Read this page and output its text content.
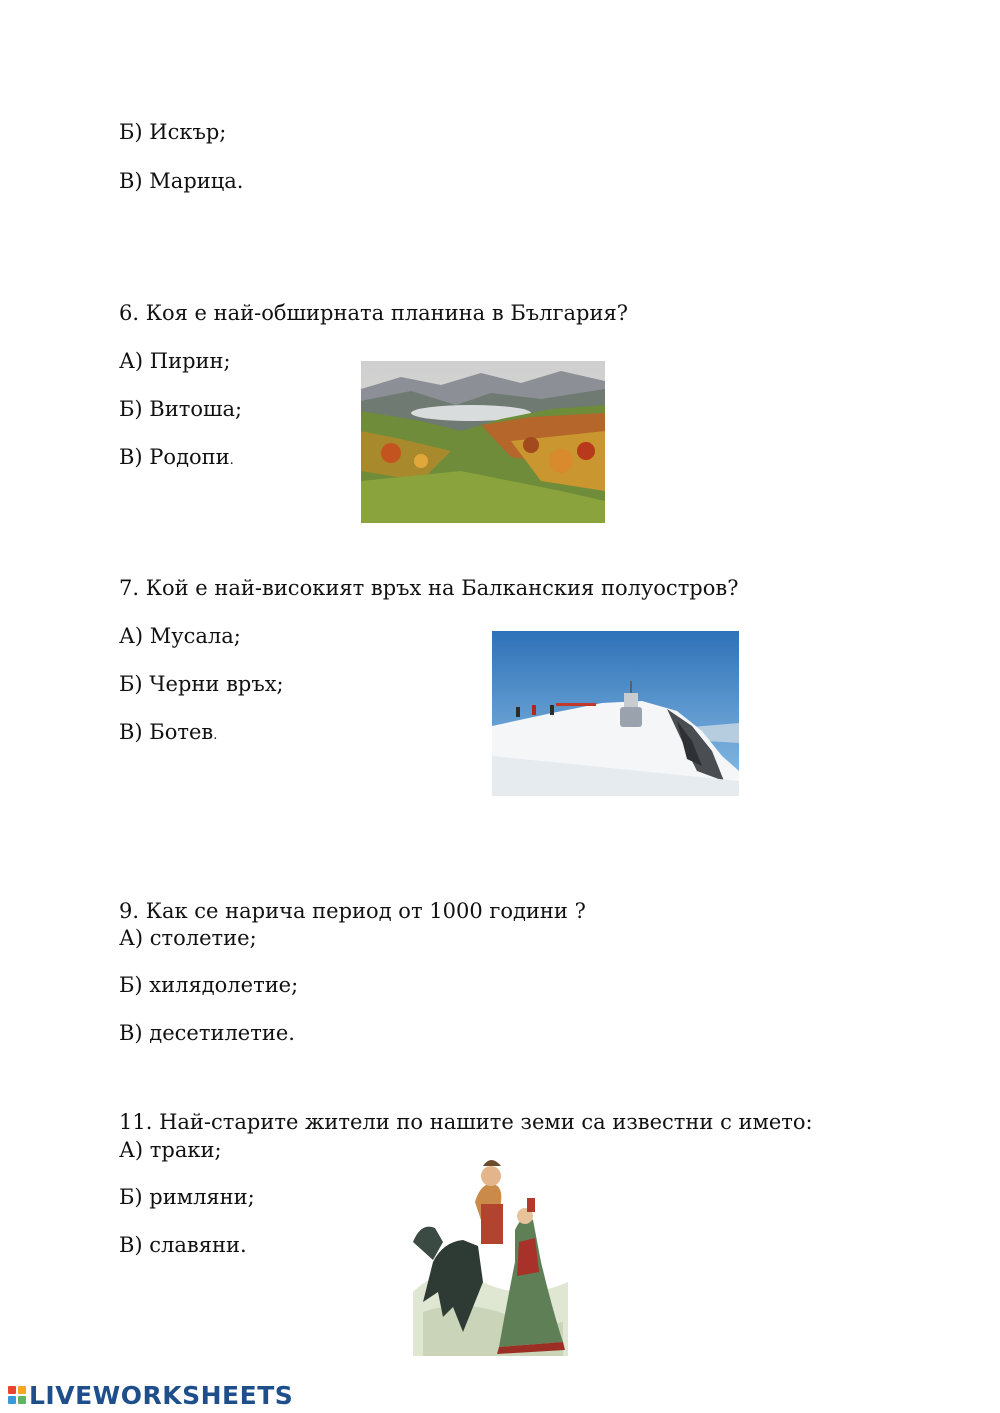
Б) Искър;
В) Марица.
6. Коя е най-обширната планина в България?
А) Пирин;
Б) Витоша;
В) Родопи.
7. Кой е най-високият връх на Балканския полуостров?
А) Мусала;
Б) Черни връх;
В) Ботев.
9. Как се нарича период от 1000 години ?
А) столетие;
Б) хилядолетие;
В) десетилетие.
11. Най-старите жители по нашите земи са известни с името:
А) траки;
Б) римляни;
В) славяни.
LIVEWORKSHEETS
